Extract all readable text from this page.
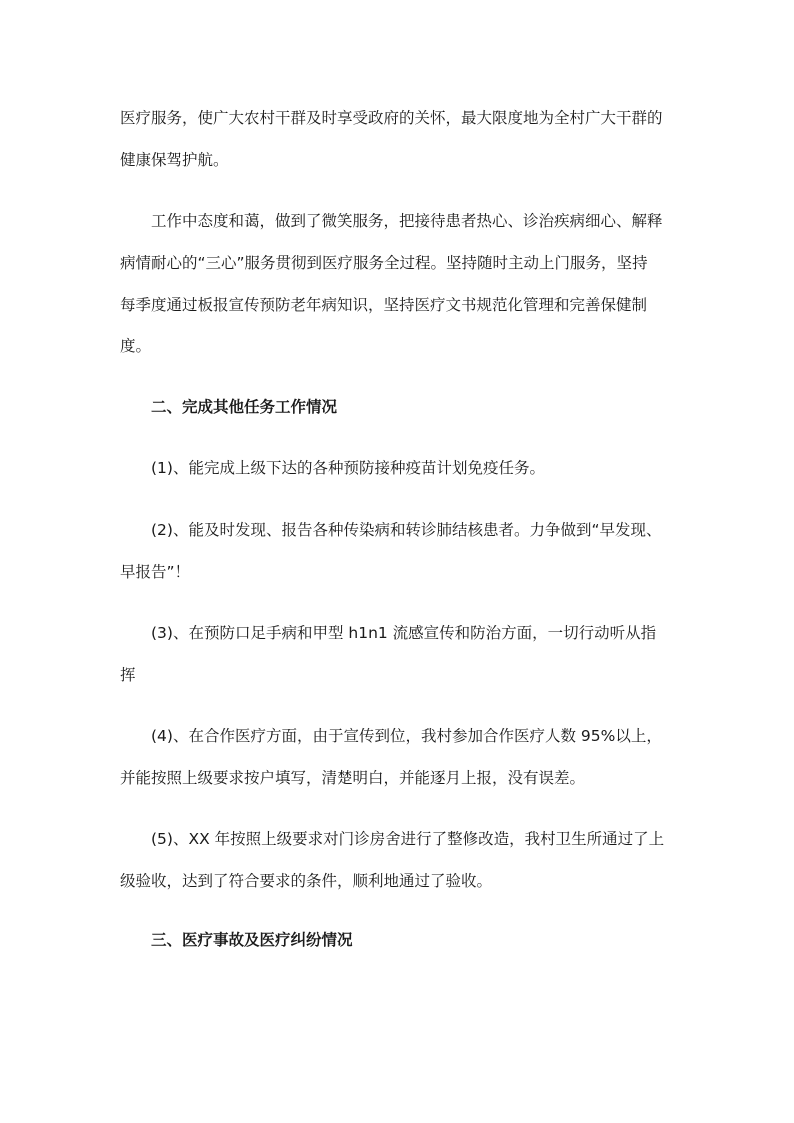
医疗服务，使广大农村干群及时享受政府的关怀，最大限度地为全村广大干群的
健康保驾护航。
工作中态度和蔼，做到了微笑服务，把接待患者热心、诊治疾病细心、解释
病情耐心的“三心”服务贯彻到医疗服务全过程。坚持随时主动上门服务，坚持
每季度通过板报宣传预防老年病知识，坚持医疗文书规范化管理和完善保健制
度。
二、完成其他任务工作情况
(1)、能完成上级下达的各种预防接种疫苗计划免疫任务。
(2)、能及时发现、报告各种传染病和转诊肺结核患者。力争做到“早发现、
早报告”！
(3)、在预防口足手病和甲型 h1n1 流感宣传和防治方面，一切行动听从指
挥
(4)、在合作医疗方面，由于宣传到位，我村参加合作医疗人数 95%以上，
并能按照上级要求按户填写，清楚明白，并能逐月上报，没有误差。
(5)、XX 年按照上级要求对门诊房舍进行了整修改造，我村卫生所通过了上
级验收，达到了符合要求的条件，顺利地通过了验收。
三、医疗事故及医疗纠纷情况
